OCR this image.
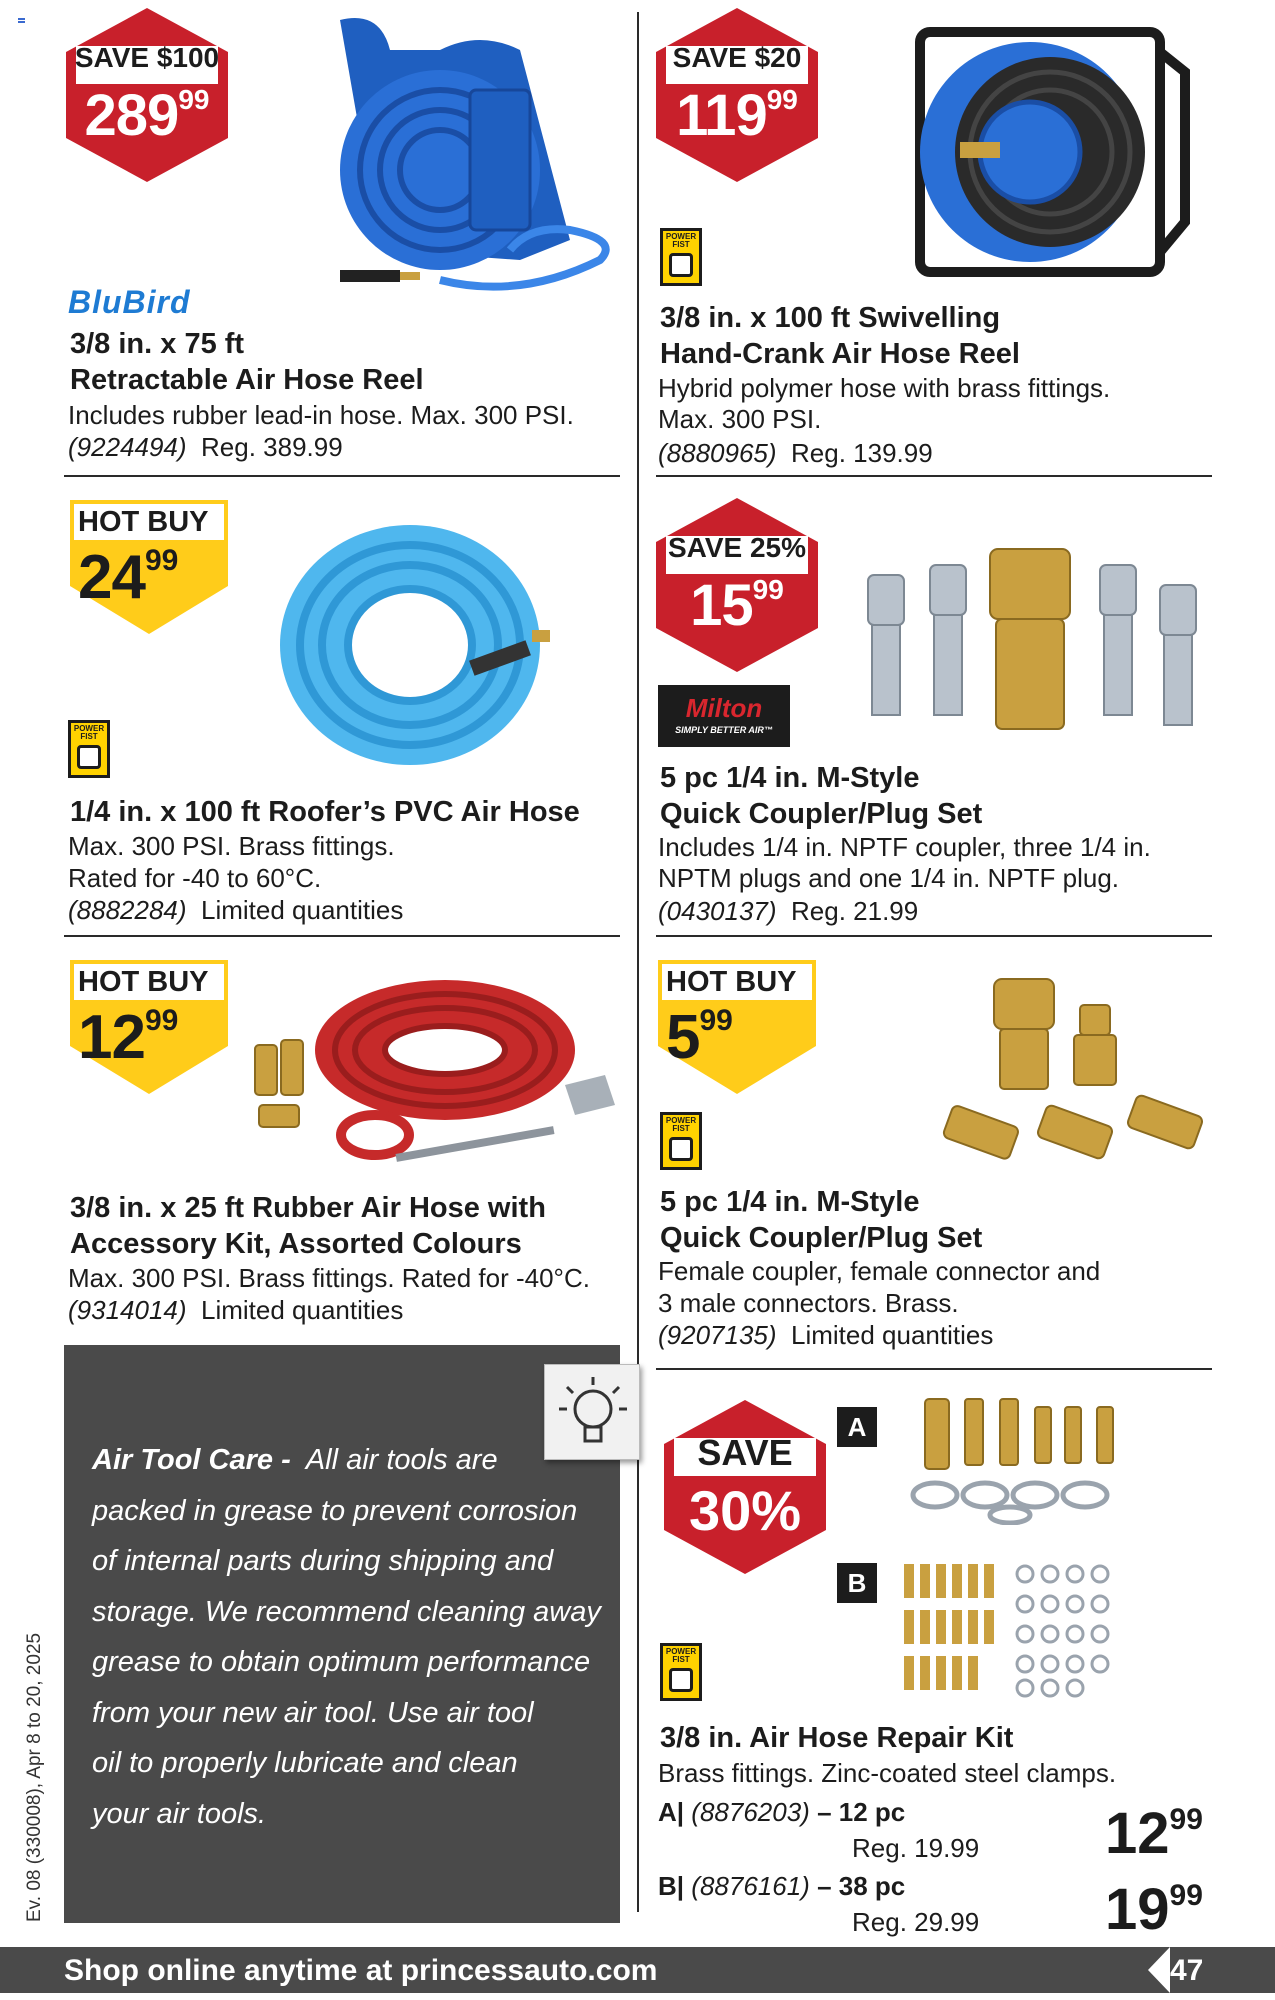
SAVE $100
28999
BluBird
3/8 in. x 75 ft
Retractable Air Hose Reel
Includes rubber lead-in hose. Max. 300 PSI.
(9224494) Reg. 389.99
SAVE $20
11999
POWER FIST
3/8 in. x 100 ft Swivelling
Hand-Crank Air Hose Reel
Hybrid polymer hose with brass fittings.
Max. 300 PSI.
(8880965) Reg. 139.99
HOT BUY
2499
POWER FIST
1/4 in. x 100 ft Roofer’s PVC Air Hose
Max. 300 PSI. Brass fittings.
Rated for -40 to 60°C.
(8882284) Limited quantities
SAVE 25%
1599
Milton
SIMPLY BETTER AIR™
5 pc 1/4 in. M-Style
Quick Coupler/Plug Set
Includes 1/4 in. NPTF coupler, three 1/4 in.
NPTM plugs and one 1/4 in. NPTF plug.
(0430137) Reg. 21.99
HOT BUY
1299
3/8 in. x 25 ft Rubber Air Hose with
Accessory Kit, Assorted Colours
Max. 300 PSI. Brass fittings. Rated for -40°C.
(9314014) Limited quantities
HOT BUY
599
POWER FIST
5 pc 1/4 in. M-Style
Quick Coupler/Plug Set
Female coupler, female connector and
3 male connectors. Brass.
(9207135) Limited quantities
Air Tool Care - All air tools are
packed in grease to prevent corrosion
of internal parts during shipping and
storage. We recommend cleaning away
grease to obtain optimum performance
from your new air tool. Use air tool
oil to properly lubricate and clean
your air tools.
SAVE
30%
A
B
POWER FIST
3/8 in. Air Hose Repair Kit
Brass fittings. Zinc-coated steel clamps.
A| (8876203) – 12 pc
Reg. 19.99 1299
B| (8876161) – 38 pc
Reg. 29.99 1999
Ev. 08 (330008), Apr 8 to 20, 2025
Shop online anytime at princessauto.com	47
